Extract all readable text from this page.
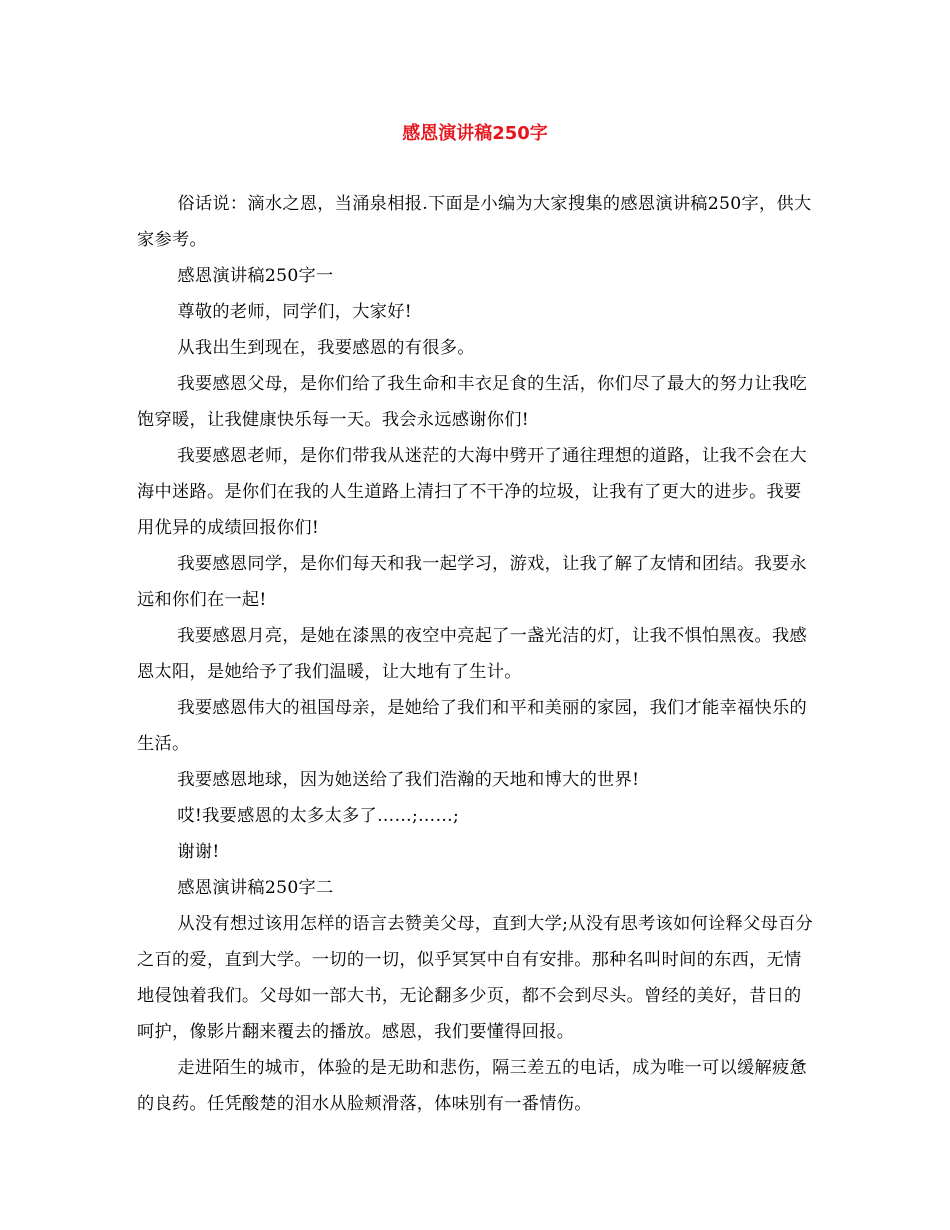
感恩演讲稿250字

俗话说：滴水之恩，当涌泉相报.下面是小编为大家搜集的感恩演讲稿250字，供大家参考。

感恩演讲稿250字一

尊敬的老师，同学们，大家好!

从我出生到现在，我要感恩的有很多。

我要感恩父母，是你们给了我生命和丰衣足食的生活，你们尽了最大的努力让我吃饱穿暖，让我健康快乐每一天。我会永远感谢你们!

我要感恩老师，是你们带我从迷茫的大海中劈开了通往理想的道路，让我不会在大海中迷路。是你们在我的人生道路上清扫了不干净的垃圾，让我有了更大的进步。我要用优异的成绩回报你们!

我要感恩同学，是你们每天和我一起学习，游戏，让我了解了友情和团结。我要永远和你们在一起!

我要感恩月亮，是她在漆黑的夜空中亮起了一盏光洁的灯，让我不惧怕黑夜。我感恩太阳，是她给予了我们温暖，让大地有了生计。

我要感恩伟大的祖国母亲，是她给了我们和平和美丽的家园，我们才能幸福快乐的生活。

我要感恩地球，因为她送给了我们浩瀚的天地和博大的世界!

哎!我要感恩的太多太多了……;……;

谢谢!

感恩演讲稿250字二

从没有想过该用怎样的语言去赞美父母，直到大学;从没有思考该如何诠释父母百分之百的爱，直到大学。一切的一切，似乎冥冥中自有安排。那种名叫时间的东西，无情地侵蚀着我们。父母如一部大书，无论翻多少页，都不会到尽头。曾经的美好，昔日的呵护，像影片翻来覆去的播放。感恩，我们要懂得回报。

走进陌生的城市，体验的是无助和悲伤，隔三差五的电话，成为唯一可以缓解疲惫的良药。任凭酸楚的泪水从脸颊滑落，体味别有一番情伤。
